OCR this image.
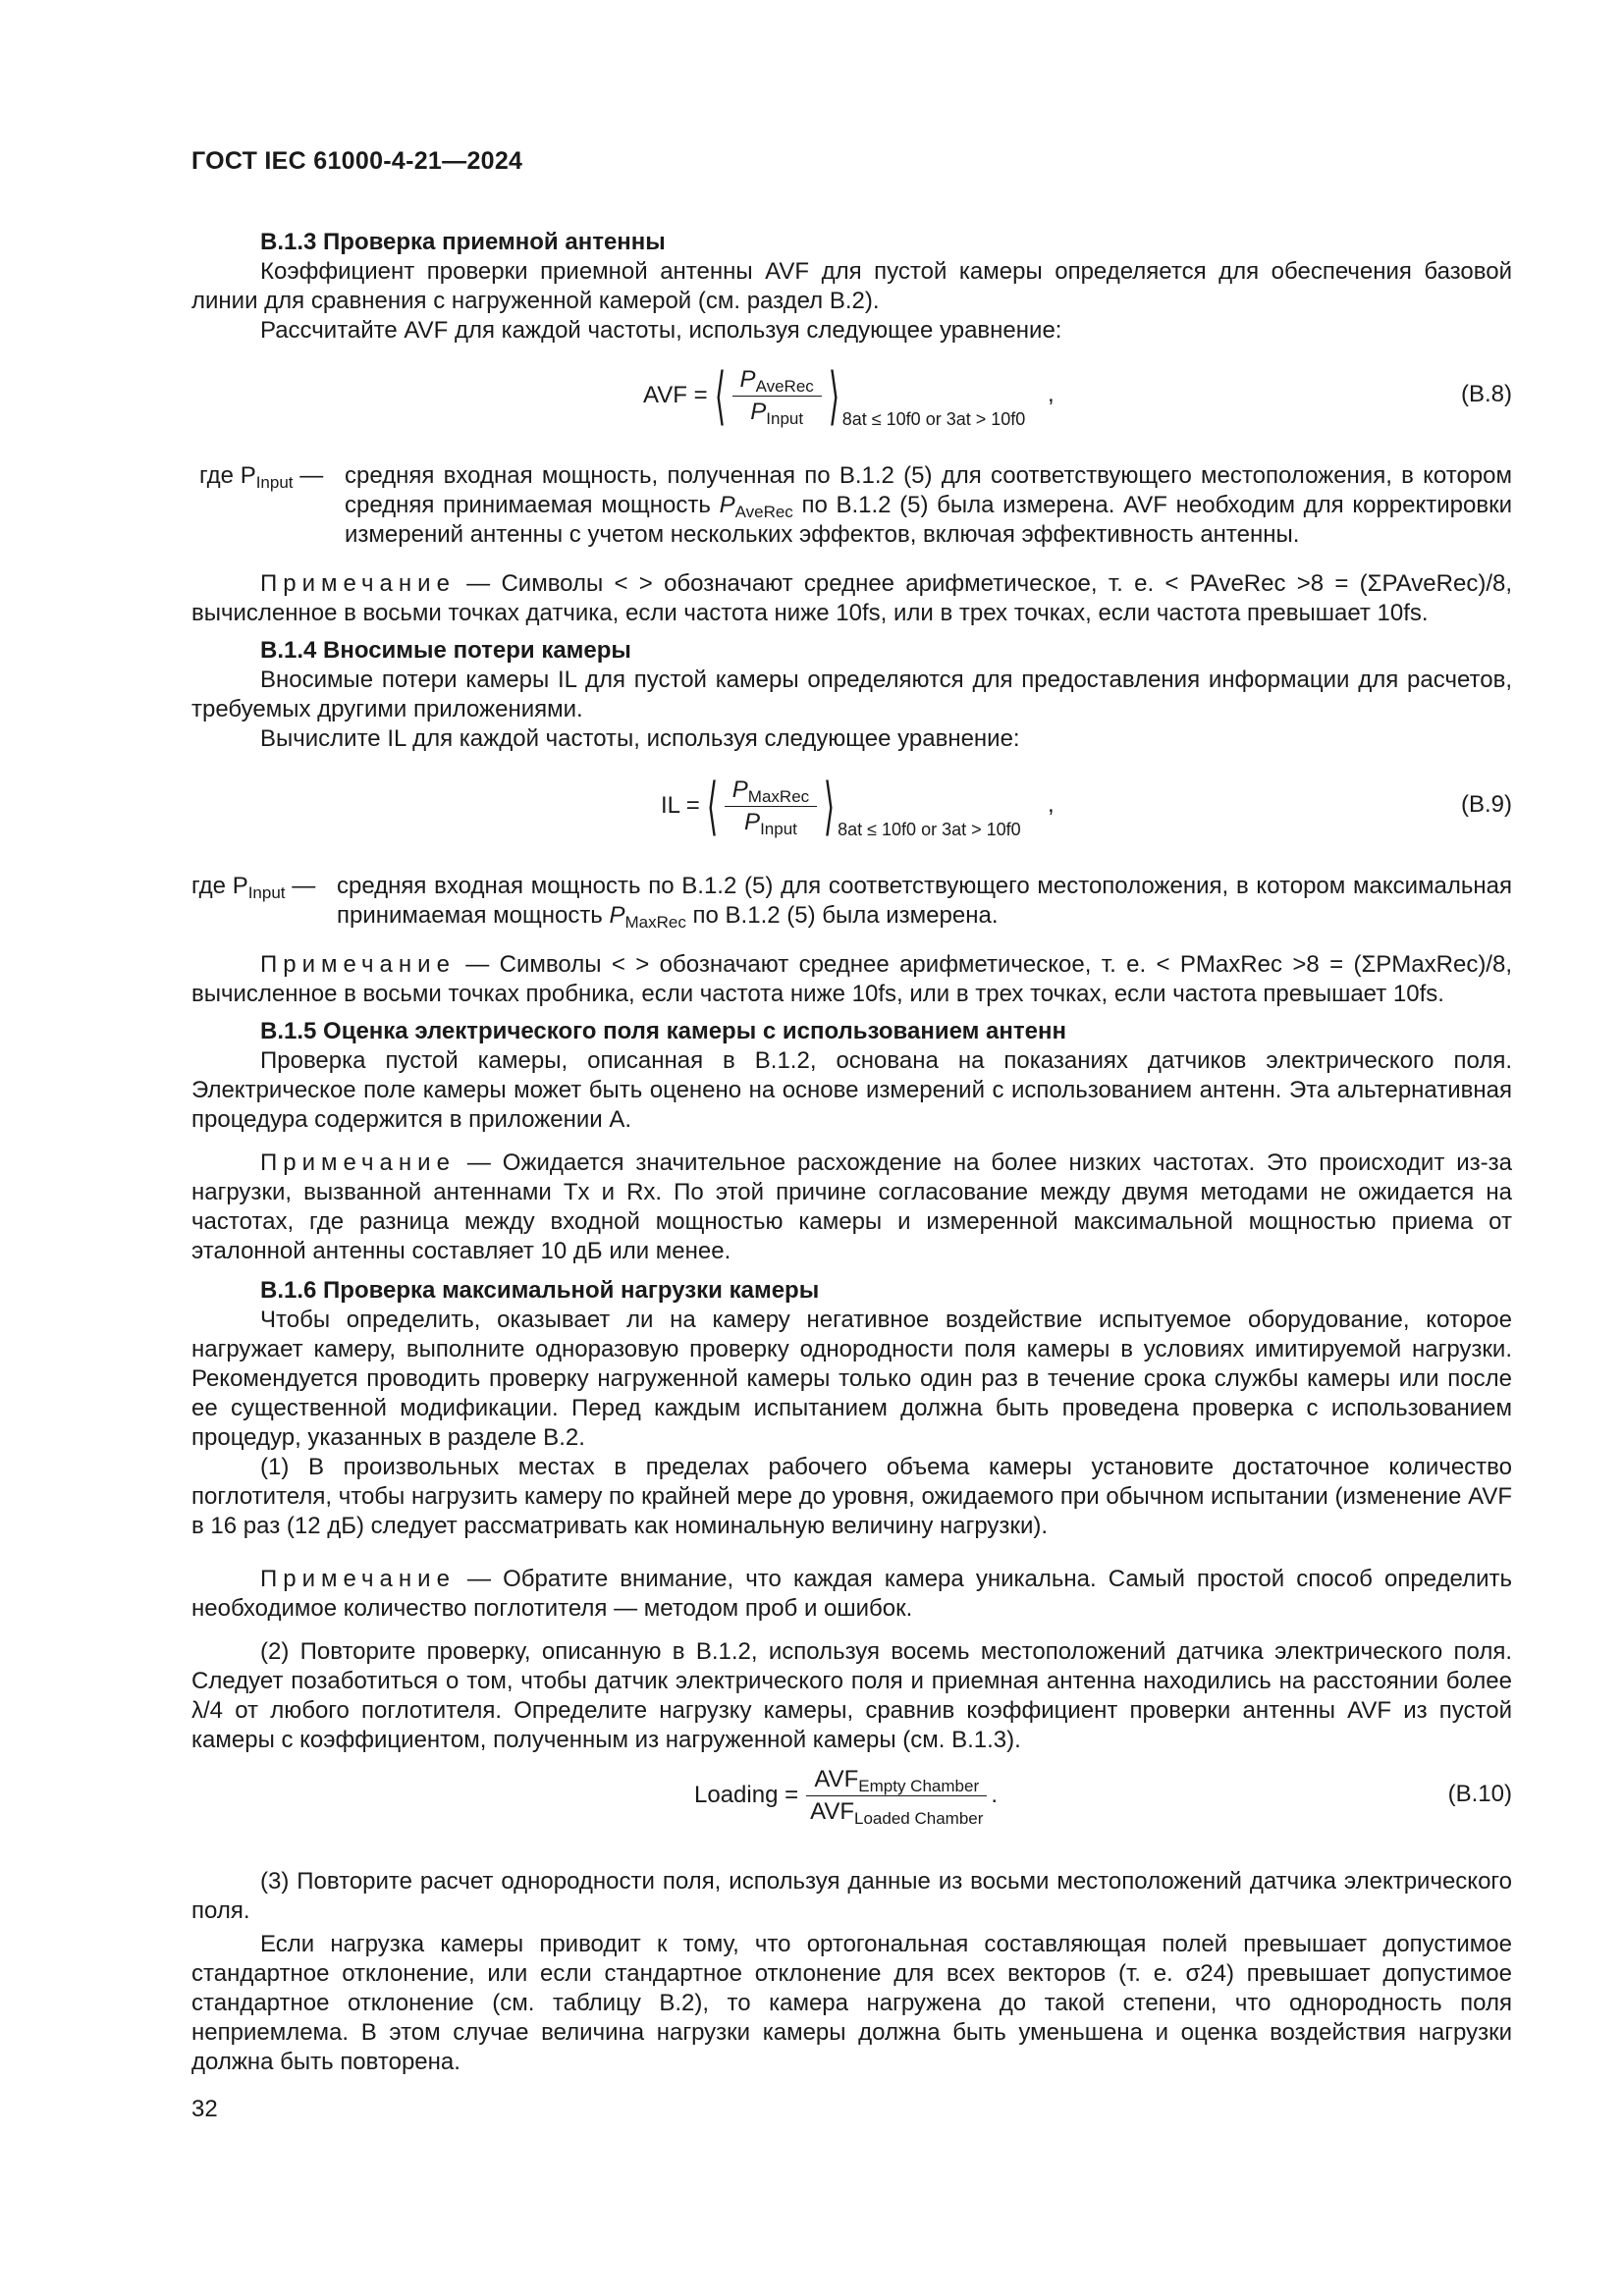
ГОСТ IEC 61000-4-21—2024

B.1.3 Проверка приемной антенны

Коэффициент проверки приемной антенны AVF для пустой камеры определяется для обеспечения базовой линии для сравнения с нагруженной камерой (см. раздел B.2).

Рассчитайте AVF для каждой частоты, используя следующее уравнение:

AVF = ⟨ $\frac{P_{AveRec}}{P_{Input}}$ ⟩ 8at ≤ 10f0 or 3at > 10f0
,	(B.8)
где $P_{Input}$ — средняя входная мощность, полученная по B.1.2 (5) для соответствующего местоположения, в котором средняя принимаемая мощность $P_{AveRec}$ по B.1.2 (5) была измерена. AVF необходим для корректировки измерений антенны с учетом нескольких эффектов, включая эффективность антенны.

Примечание — Символы < > обозначают среднее арифметическое, т. е. < PAveRec >8 = (ΣPAveRec)/8, вычисленное в восьми точках датчика, если частота ниже 10fs, или в трех точках, если частота превышает 10fs.

B.1.4 Вносимые потери камеры

Вносимые потери камеры IL для пустой камеры определяются для предоставления информации для расчетов, требуемых другими приложениями.

Вычислите IL для каждой частоты, используя следующее уравнение:

IL = ⟨ $\frac{P_{MaxRec}}{P_{Input}}$ ⟩ 8at ≤ 10f0 or 3at > 10f0
,	(B.9)
где $P_{Input}$ — средняя входная мощность по B.1.2 (5) для соответствующего местоположения, в котором максимальная принимаемая мощность $P_{MaxRec}$ по B.1.2 (5) была измерена.

Примечание — Символы < > обозначают среднее арифметическое, т. е. < PMaxRec >8 = (ΣPMaxRec)/8, вычисленное в восьми точках пробника, если частота ниже 10fs, или в трех точках, если частота превышает 10fs.

B.1.5 Оценка электрического поля камеры с использованием антенн

Проверка пустой камеры, описанная в B.1.2, основана на показаниях датчиков электрического поля. Электрическое поле камеры может быть оценено на основе измерений с использованием антенн. Эта альтернативная процедура содержится в приложении A.

Примечание — Ожидается значительное расхождение на более низких частотах. Это происходит из-за нагрузки, вызванной антеннами Tx и Rx. По этой причине согласование между двумя методами не ожидается на частотах, где разница между входной мощностью камеры и измеренной максимальной мощностью приема от эталонной антенны составляет 10 дБ или менее.

B.1.6 Проверка максимальной нагрузки камеры

Чтобы определить, оказывает ли на камеру негативное воздействие испытуемое оборудование, которое нагружает камеру, выполните одноразовую проверку однородности поля камеры в условиях имитируемой нагрузки. Рекомендуется проводить проверку нагруженной камеры только один раз в течение срока службы камеры или после ее существенной модификации. Перед каждым испытанием должна быть проведена проверка с использованием процедур, указанных в разделе B.2.

(1) В произвольных местах в пределах рабочего объема камеры установите достаточное количество поглотителя, чтобы нагрузить камеру по крайней мере до уровня, ожидаемого при обычном испытании (изменение AVF в 16 раз (12 дБ) следует рассматривать как номинальную величину нагрузки).

Примечание — Обратите внимание, что каждая камера уникальна. Самый простой способ определить необходимое количество поглотителя — методом проб и ошибок.

(2) Повторите проверку, описанную в B.1.2, используя восемь местоположений датчика электрического поля. Следует позаботиться о том, чтобы датчик электрического поля и приемная антенна находились на расстоянии более λ/4 от любого поглотителя. Определите нагрузку камеры, сравнив коэффициент проверки антенны AVF из пустой камеры с коэффициентом, полученным из нагруженной камеры (см. B.1.3).

Loading = $\frac{AVF_{Empty Chamber}}{AVF_{Loaded Chamber}}$ .	(B.10)

(3) Повторите расчет однородности поля, используя данные из восьми местоположений датчика электрического поля.

Если нагрузка камеры приводит к тому, что ортогональная составляющая полей превышает допустимое стандартное отклонение, или если стандартное отклонение для всех векторов (т. е. σ24) превышает допустимое стандартное отклонение (см. таблицу B.2), то камера нагружена до такой степени, что однородность поля неприемлема. В этом случае величина нагрузки камеры должна быть уменьшена и оценка воздействия нагрузки должна быть повторена.

32
